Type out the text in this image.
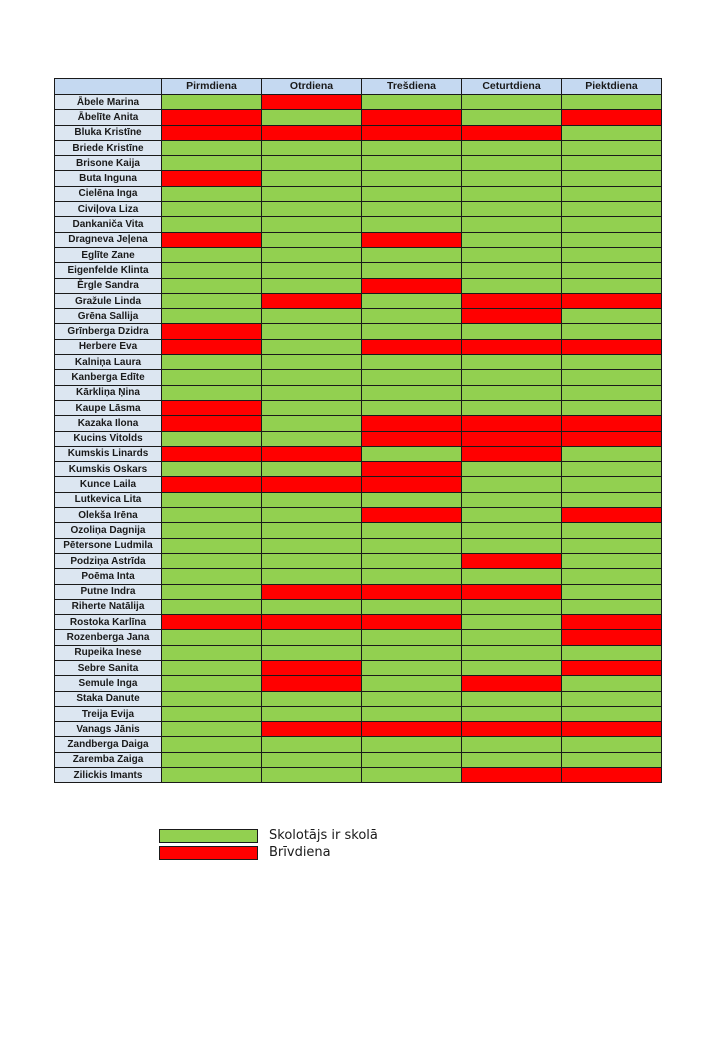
	Pirmdiena	Otrdiena	Trešdiena	Ceturtdiena	Piektdiena
Ābele Marina					
Ābelīte Anita					
Bluka Kristīne					
Briede Kristīne					
Brisone Kaija					
Buta Inguna					
Cielēna Inga					
Civiļova Liza					
Dankaniča Vita					
Dragneva Jeļena					
Eglīte Zane					
Eigenfelde Klinta					
Ērgle Sandra					
Gražule Linda					
Grēna Sallija					
Grīnberga Dzidra					
Herbere Eva					
Kalniņa Laura					
Kanberga Edīte					
Kārkliņa Ņina					
Kaupe Lāsma					
Kazaka Ilona					
Kucins Vitolds					
Kumskis Linards					
Kumskis Oskars					
Kunce Laila					
Lutkevica Lita					
Olekša Irēna					
Ozoliņa Dagnija					
Pētersone Ludmila					
Podziņa Astrīda					
Poēma Inta					
Putne Indra					
Riherte Natālija					
Rostoka Karlīna					
Rozenberga Jana					
Rupeika Inese					
Sebre Sanita					
Semule Inga					
Staka Danute					
Treija Evija					
Vanags Jānis					
Zandberga Daiga					
Zaremba Zaiga					
Zilickis Imants					
Skolotājs ir skolā
Brīvdiena
